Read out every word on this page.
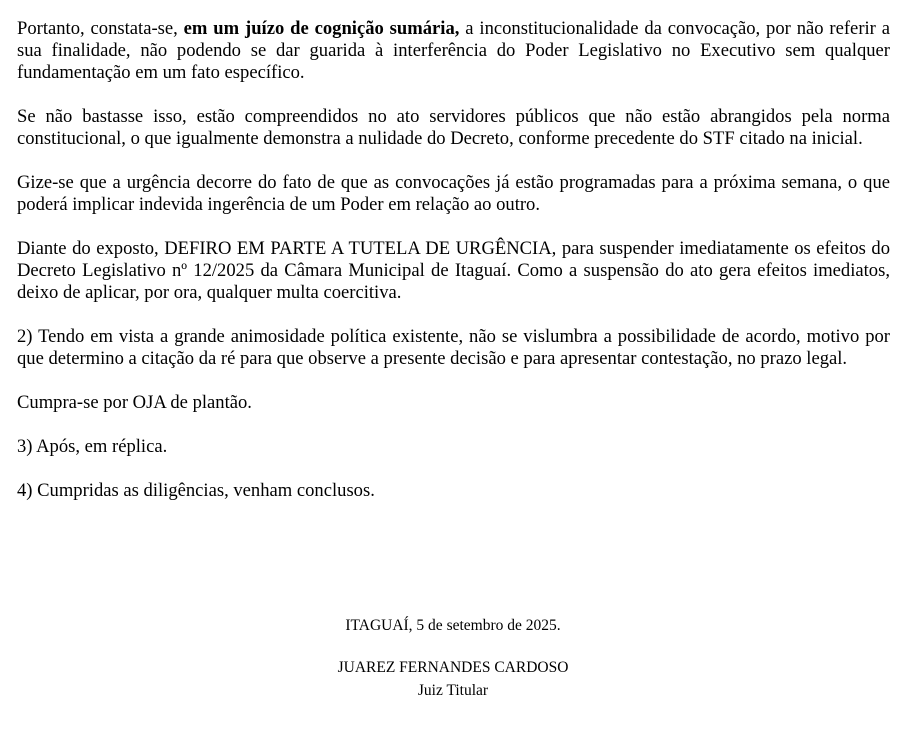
Portanto, constata-se, em um juízo de cognição sumária, a inconstitucionalidade da convocação, por não referir a sua finalidade, não podendo se dar guarida à interferência do Poder Legislativo no Executivo sem qualquer fundamentação em um fato específico.

Se não bastasse isso, estão compreendidos no ato servidores públicos que não estão abrangidos pela norma constitucional, o que igualmente demonstra a nulidade do Decreto, conforme precedente do STF citado na inicial.

Gize-se que a urgência decorre do fato de que as convocações já estão programadas para a próxima semana, o que poderá implicar indevida ingerência de um Poder em relação ao outro.

Diante do exposto, DEFIRO EM PARTE A TUTELA DE URGÊNCIA, para suspender imediatamente os efeitos do Decreto Legislativo nº 12/2025 da Câmara Municipal de Itaguaí. Como a suspensão do ato gera efeitos imediatos, deixo de aplicar, por ora, qualquer multa coercitiva.

2) Tendo em vista a grande animosidade política existente, não se vislumbra a possibilidade de acordo, motivo por que determino a citação da ré para que observe a presente decisão e para apresentar contestação, no prazo legal.

Cumpra-se por OJA de plantão.

3) Após, em réplica.

4) Cumpridas as diligências, venham conclusos.

ITAGUAÍ, 5 de setembro de 2025.
JUAREZ FERNANDES CARDOSO
Juiz Titular
